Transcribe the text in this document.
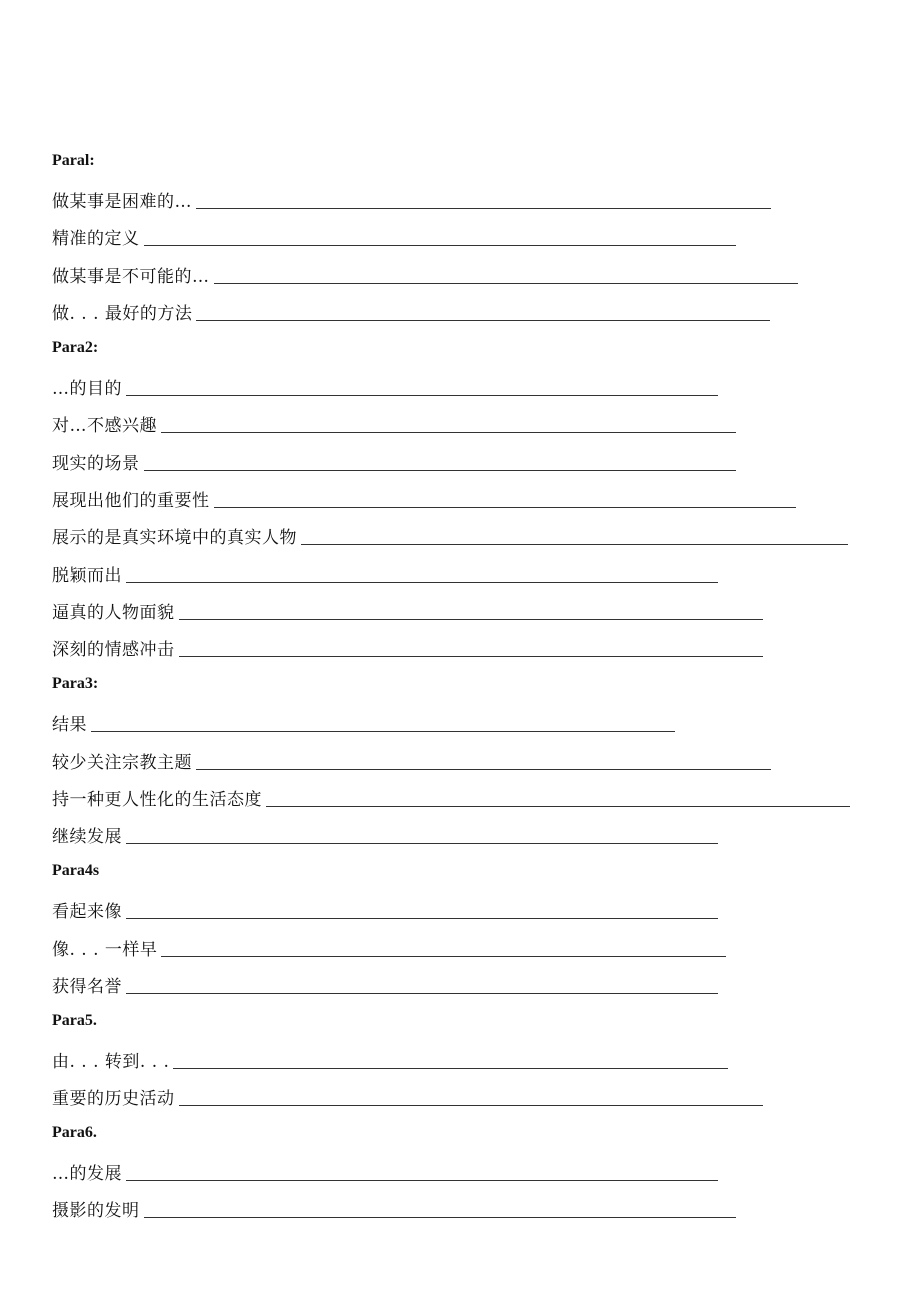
Paral:
做某事是困难的…
精准的定义
做某事是不可能的…
做. . . 最好的方法
Para2:
…的目的
对…不感兴趣
现实的场景
展现出他们的重要性
展示的是真实环境中的真实人物
脱颖而出
逼真的人物面貌
深刻的情感冲击
Para3:
结果
较少关注宗教主题
持一种更人性化的生活态度
继续发展
Para4s
看起来像
像. . . 一样早
获得名誉
Para5.
由. . . 转到. . .
重要的历史活动
Para6.
…的发展
摄影的发明
